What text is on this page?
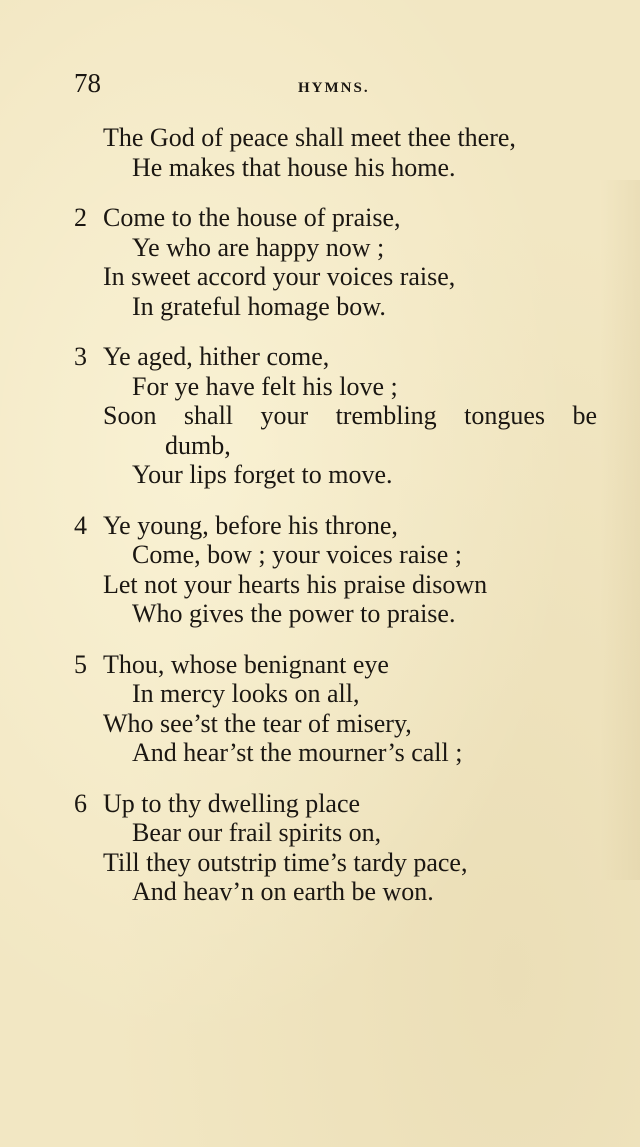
78	HYMNS.
The God of peace shall meet thee there,
He makes that house his home.
2 Come to the house of praise,
Ye who are happy now ;
In sweet accord your voices raise,
In grateful homage bow.
3 Ye aged, hither come,
For ye have felt his love ;
Soon shall your trembling tongues be
dumb,
Your lips forget to move.
4 Ye young, before his throne,
Come, bow ; your voices raise ;
Let not your hearts his praise disown
Who gives the power to praise.
5 Thou, whose benignant eye
In mercy looks on all,
Who see’st the tear of misery,
And hear’st the mourner’s call ;
6 Up to thy dwelling place
Bear our frail spirits on,
Till they outstrip time’s tardy pace,
And heav’n on earth be won.
